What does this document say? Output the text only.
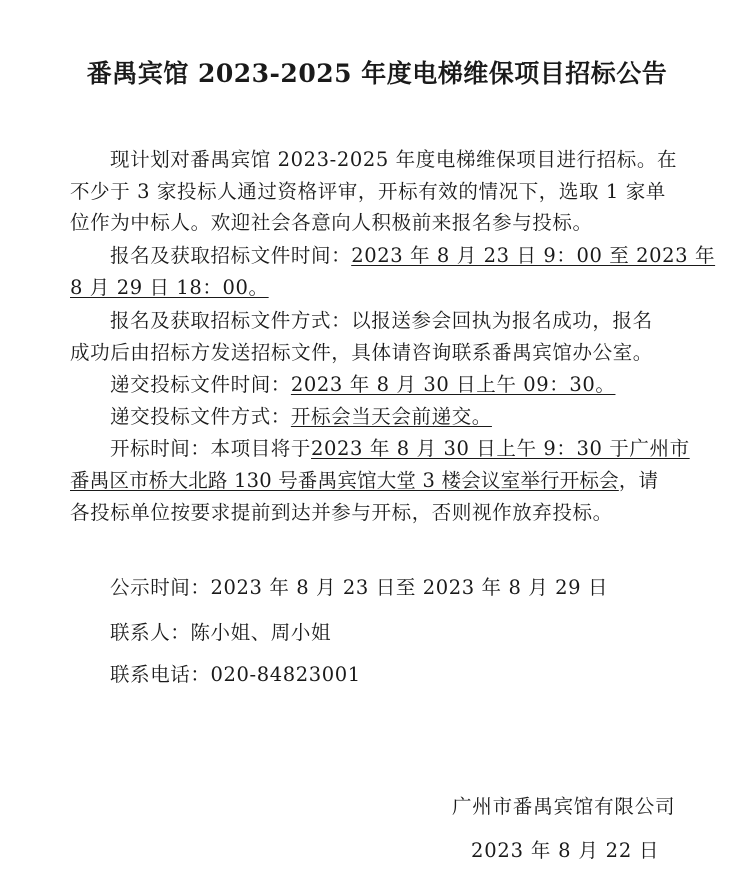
番禺宾馆 2023-2025 年度电梯维保项目招标公告
现计划对番禺宾馆 2023-2025 年度电梯维保项目进行招标。在
不少于 3 家投标人通过资格评审，开标有效的情况下，选取 1 家单
位作为中标人。欢迎社会各意向人积极前来报名参与投标。
报名及获取招标文件时间：2023 年 8 月 23 日 9：00 至 2023 年
8 月 29 日 18：00。
报名及获取招标文件方式：以报送参会回执为报名成功，报名
成功后由招标方发送招标文件，具体请咨询联系番禺宾馆办公室。
递交投标文件时间：2023 年 8 月 30 日上午 09：30。
递交投标文件方式：开标会当天会前递交。
开标时间：本项目将于2023 年 8 月 30 日上午 9：30 于广州市
番禺区市桥大北路 130 号番禺宾馆大堂 3 楼会议室举行开标会，请
各投标单位按要求提前到达并参与开标，否则视作放弃投标。
公示时间：2023 年 8 月 23 日至 2023 年 8 月 29 日
联系人：陈小姐、周小姐
联系电话：020-84823001
广州市番禺宾馆有限公司
2023 年 8 月 22 日
